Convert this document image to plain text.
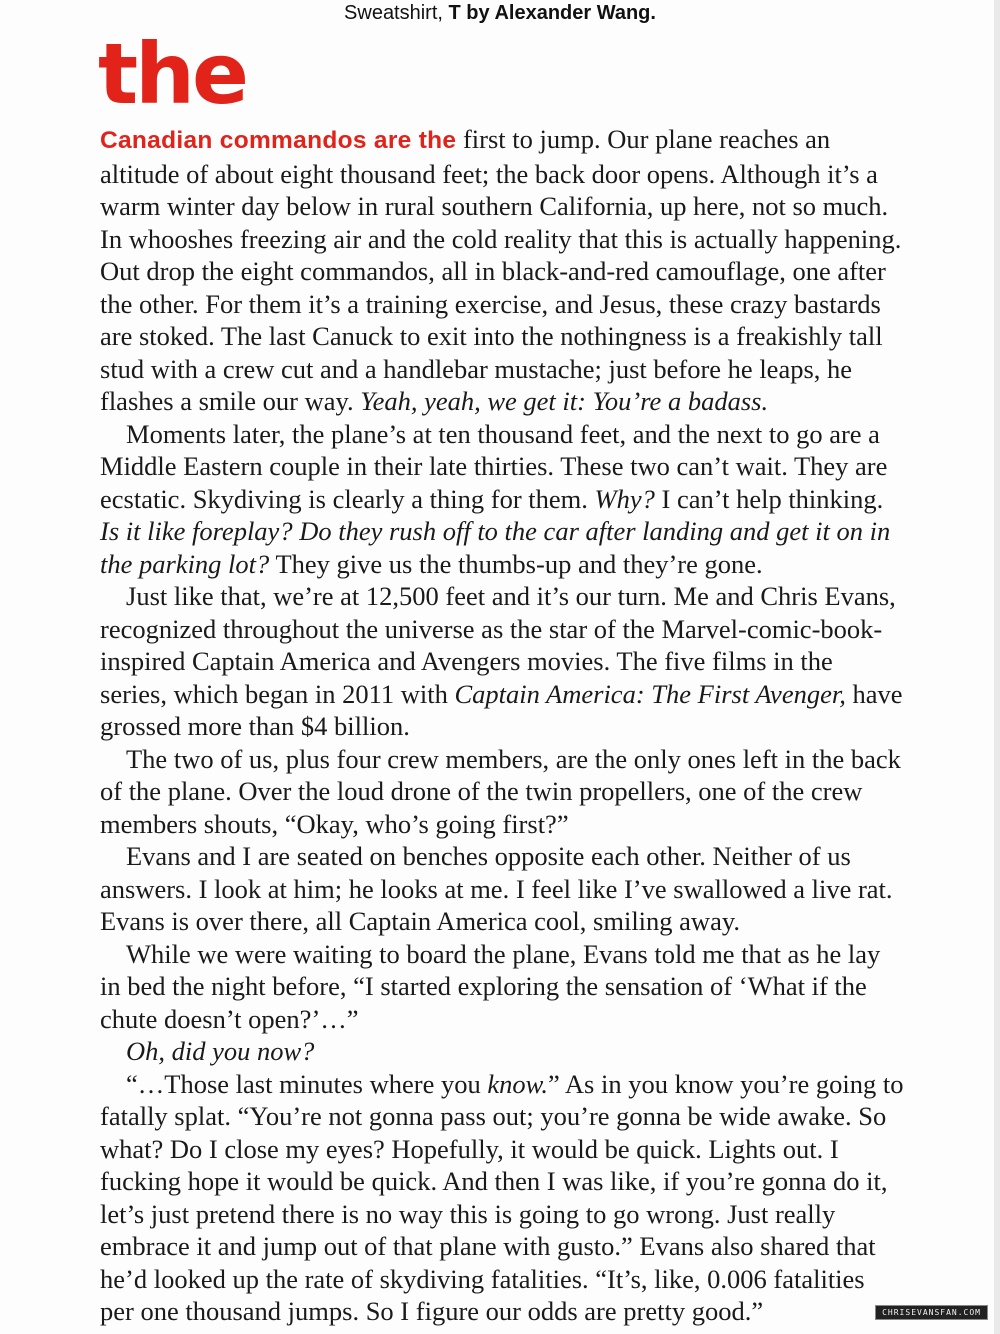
Sweatshirt, T by Alexander Wang.
the

Canadian commandos are the first to jump. Our plane reaches an altitude of about eight thousand feet; the back door opens. Although it’s a warm winter day below in rural southern California, up here, not so much. In whooshes freezing air and the cold reality that this is actually happening. Out drop the eight commandos, all in black-and-red camouflage, one after the other. For them it’s a training exercise, and Jesus, these crazy bastards are stoked. The last Canuck to exit into the nothingness is a freakishly tall stud with a crew cut and a handlebar mustache; just before he leaps, he flashes a smile our way. Yeah, yeah, we get it: You’re a badass.

Moments later, the plane’s at ten thousand feet, and the next to go are a Middle Eastern couple in their late thirties. These two can’t wait. They are ecstatic. Skydiving is clearly a thing for them. Why? I can’t help thinking. Is it like foreplay? Do they rush off to the car after landing and get it on in the parking lot? They give us the thumbs-up and they’re gone.

Just like that, we’re at 12,500 feet and it’s our turn. Me and Chris Evans, recognized throughout the universe as the star of the Marvel-comic-book-inspired Captain America and Avengers movies. The five films in the series, which began in 2011 with Captain America: The First Avenger, have grossed more than $4 billion.

The two of us, plus four crew members, are the only ones left in the back of the plane. Over the loud drone of the twin propellers, one of the crew members shouts, “Okay, who’s going first?”

Evans and I are seated on benches opposite each other. Neither of us answers. I look at him; he looks at me. I feel like I’ve swallowed a live rat. Evans is over there, all Captain America cool, smiling away.

While we were waiting to board the plane, Evans told me that as he lay in bed the night before, “I started exploring the sensation of ‘What if the chute doesn’t open?’…”

Oh, did you now?

“…Those last minutes where you know.” As in you know you’re going to fatally splat. “You’re not gonna pass out; you’re gonna be wide awake. So what? Do I close my eyes? Hopefully, it would be quick. Lights out. I fucking hope it would be quick. And then I was like, if you’re gonna do it, let’s just pretend there is no way this is going to go wrong. Just really embrace it and jump out of that plane with gusto.” Evans also shared that he’d looked up the rate of skydiving fatalities. “It’s, like, 0.006 fatalities per one thousand jumps. So I figure our odds are pretty good.”	CHRISEVANSFAN.COM
